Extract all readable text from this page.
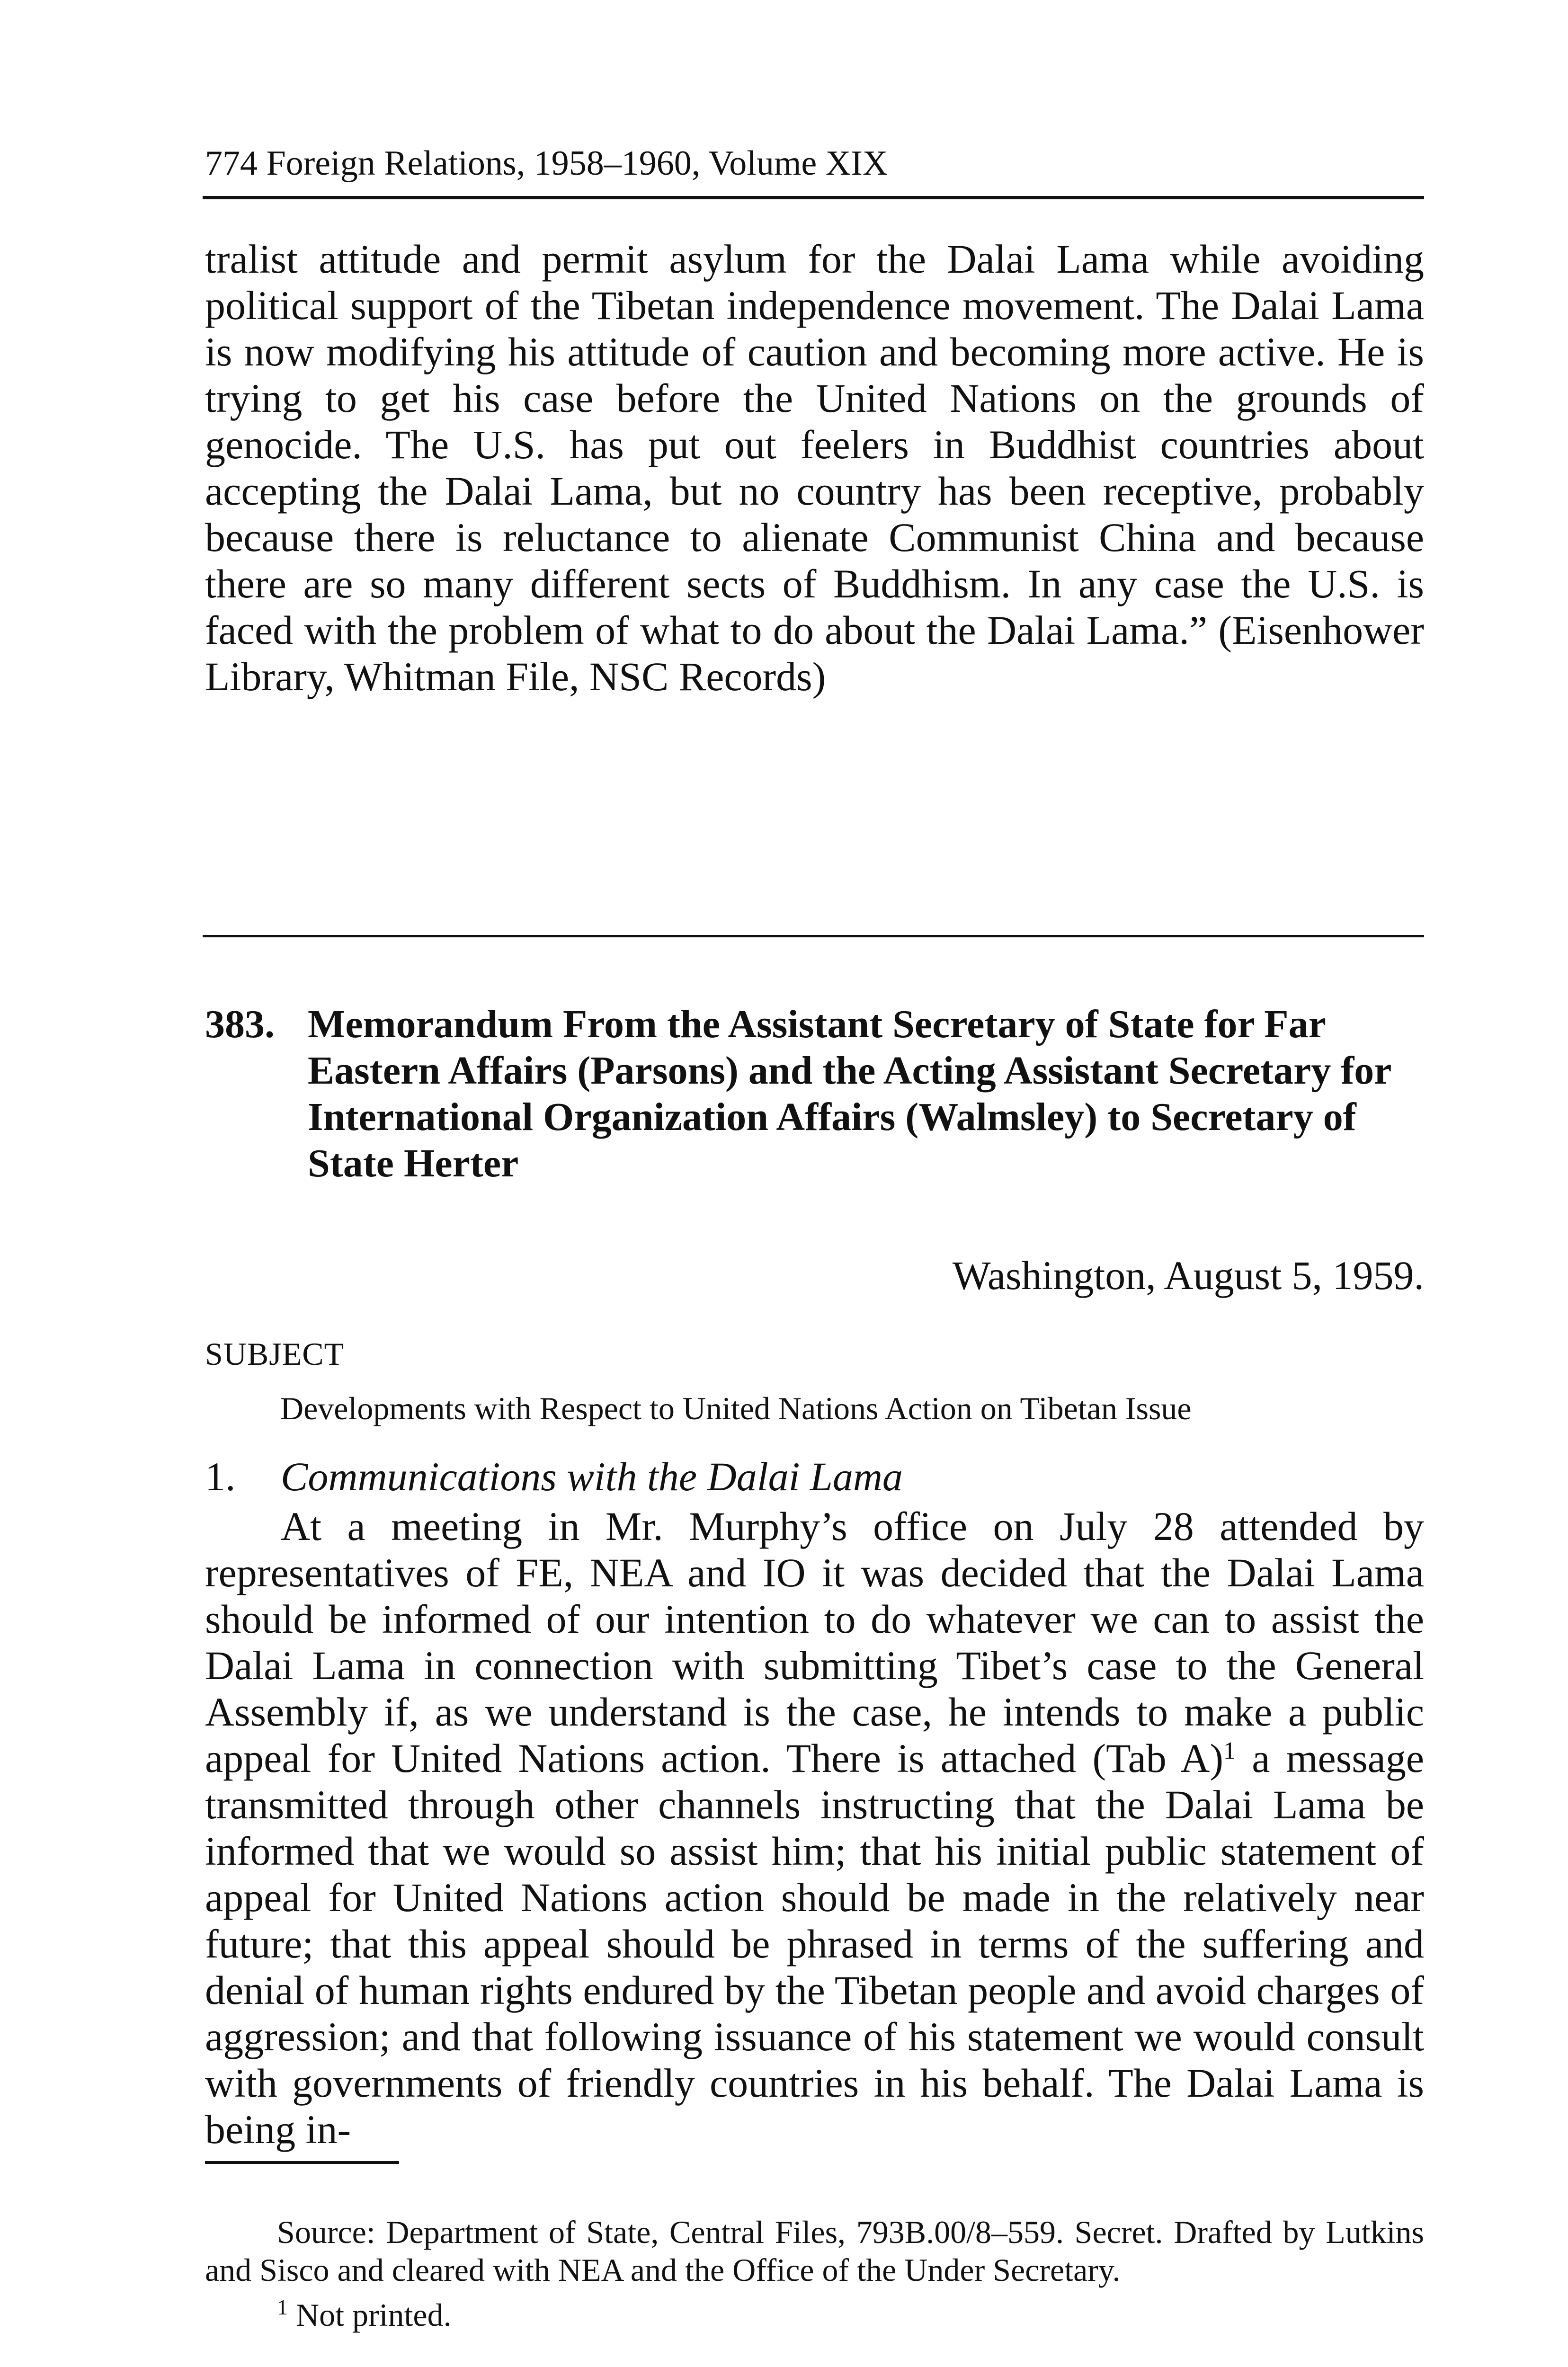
774 Foreign Relations, 1958–1960, Volume XIX

tralist attitude and permit asylum for the Dalai Lama while avoiding political support of the Tibetan independence movement. The Dalai Lama is now modifying his attitude of caution and becoming more active. He is trying to get his case before the United Nations on the grounds of genocide. The U.S. has put out feelers in Buddhist countries about accepting the Dalai Lama, but no country has been receptive, probably because there is reluctance to alienate Communist China and because there are so many different sects of Buddhism. In any case the U.S. is faced with the problem of what to do about the Dalai Lama.” (Eisenhower Library, Whitman File, NSC Records)

383. Memorandum From the Assistant Secretary of State for Far Eastern Affairs (Parsons) and the Acting Assistant Secretary for International Organization Affairs (Walmsley) to Secretary of State Herter
Washington, August 5, 1959.
SUBJECT
Developments with Respect to United Nations Action on Tibetan Issue
1. Communications with the Dalai Lama

At a meeting in Mr. Murphy’s office on July 28 attended by representatives of FE, NEA and IO it was decided that the Dalai Lama should be informed of our intention to do whatever we can to assist the Dalai Lama in connection with submitting Tibet’s case to the General Assembly if, as we understand is the case, he intends to make a public appeal for United Nations action. There is attached (Tab A)$^1$ a message transmitted through other channels instructing that the Dalai Lama be informed that we would so assist him; that his initial public statement of appeal for United Nations action should be made in the relatively near future; that this appeal should be phrased in terms of the suffering and denial of human rights endured by the Tibetan people and avoid charges of aggression; and that following issuance of his statement we would consult with governments of friendly countries in his behalf. The Dalai Lama is being in-

Source: Department of State, Central Files, 793B.00/8–559. Secret. Drafted by Lutkins and Sisco and cleared with NEA and the Office of the Under Secretary.

$^1$ Not printed.
